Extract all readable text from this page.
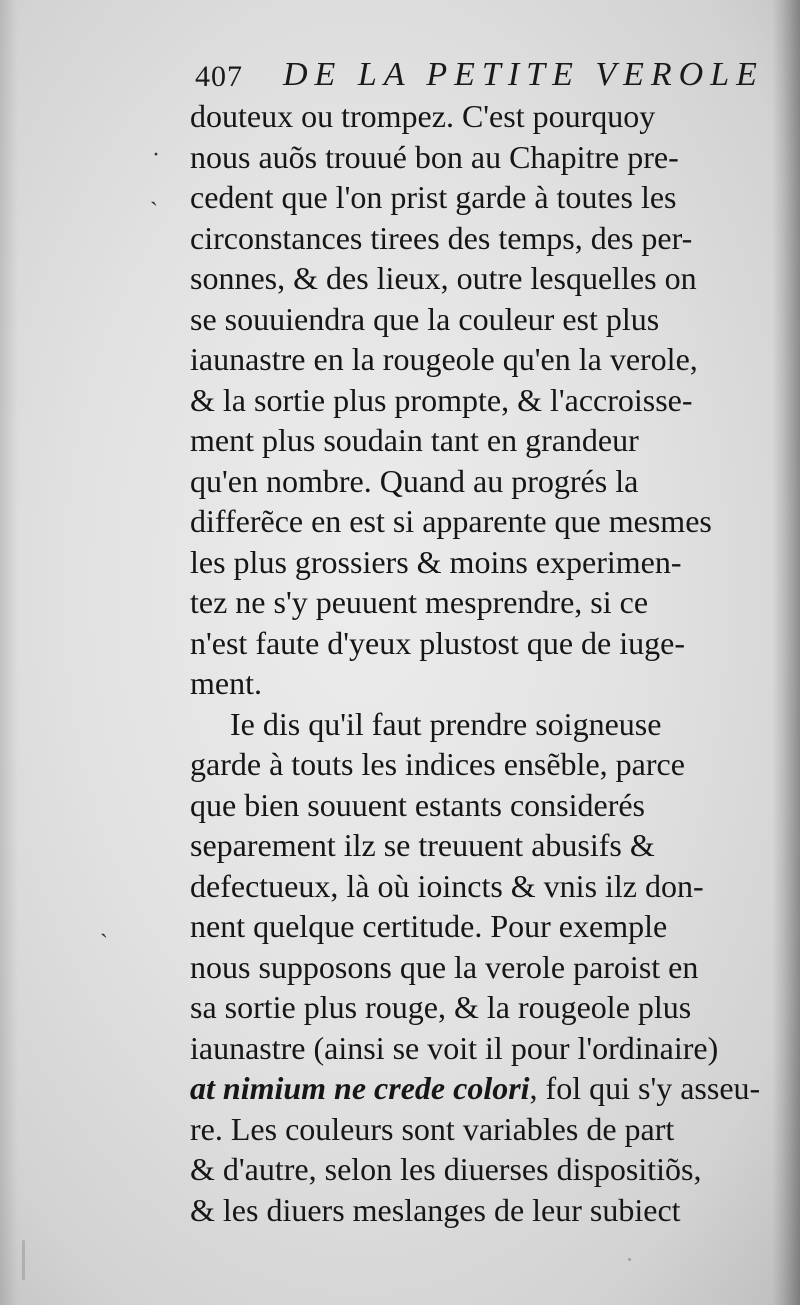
407 DE LA PETITE VEROLE
·
ˎ
ˎ
douteux ou trompez. C'est pourquoy
nous auõs trouué bon au Chapitre pre-
cedent que l'on prist garde à toutes les
circonstances tirees des temps, des per-
sonnes, & des lieux, outre lesquelles on
se souuiendra que la couleur est plus
iaunastre en la rougeole qu'en la verole,
& la sortie plus prompte, & l'accroisse-
ment plus soudain tant en grandeur
qu'en nombre. Quand au progrés la
differẽce en est si apparente que mesmes
les plus grossiers & moins experimen-
tez ne s'y peuuent mesprendre, si ce
n'est faute d'yeux plustost que de iuge-
ment.
Ie dis qu'il faut prendre soigneuse
garde à touts les indices ensẽble, parce
que bien souuent estants considerés
separement ilz se treuuent abusifs &
defectueux, là où ioincts & vnis ilz don-
nent quelque certitude. Pour exemple
nous supposons que la verole paroist en
sa sortie plus rouge, & la rougeole plus
iaunastre (ainsi se voit il pour l'ordinaire)
at nimium ne crede colori, fol qui s'y asseu-
re. Les couleurs sont variables de part
& d'autre, selon les diuerses dispositiõs,
& les diuers meslanges de leur subiect
